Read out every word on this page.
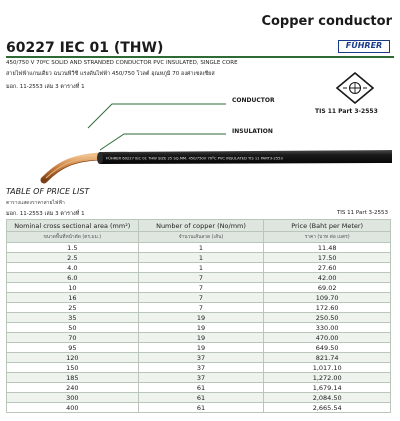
Copper conductor
60227 IEC 01 (THW)	FÜHRER
450/750 V 70ºC SOLID AND STRANDED CONDUCTOR PVC INSULATED, SINGLE CORE
สายไฟฟ้าแกนเดียว ฉนวนพีวีซี แรงดันไฟฟ้า 450/750 โวลต์ อุณหภูมิ 70 องศาเซลเซียส
มอก. 11-2553 เล่ม 3 ตารางที่ 1
TIS 11 Part 3-2553
CONDUCTOR
INSULATION
FÜHRER 60227 IEC 01 THW SIZE 25 SQ.MM. 450/750V 70ºC PVC INSULATED TIS 11 PART3-2553
TABLE OF PRICE LIST
ตารางแสดงราคาสายไฟฟ้า
มอก. 11-2553 เล่ม 3 ตารางที่ 1	TIS 11 Part 3-2553
Nominal cross sectional area (mm²)	Number of copper (No/mm)	Price (Baht per Meter)
ขนาดพื้นที่หน้าตัด (ตร.มม.)	จำนวนเส้นลวด (เส้น)	ราคา (บาท ต่อ เมตร)
1.5	1	11.48
2.5	1	17.50
4.0	1	27.60
6.0	7	42.00
10	7	69.02
16	7	109.70
25	7	172.60
35	19	250.50
50	19	330.00
70	19	470.00
95	19	649.50
120	37	821.74
150	37	1,017.10
185	37	1,272.00
240	61	1,679.14
300	61	2,084.50
400	61	2,665.54
